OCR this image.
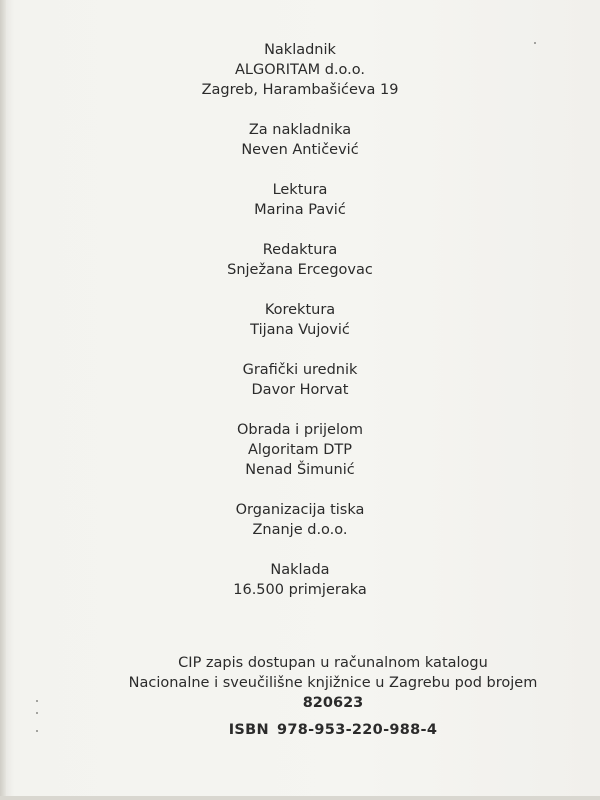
Nakladnik
ALGORITAM d.o.o.
Zagreb, Harambašićeva 19
Za nakladnika
Neven Antičević
Lektura
Marina Pavić
Redaktura
Snježana Ercegovac
Korektura
Tijana Vujović
Grafički urednik
Davor Horvat
Obrada i prijelom
Algoritam DTP
Nenad Šimunić
Organizacija tiska
Znanje d.o.o.
Naklada
16.500 primjeraka
CIP zapis dostupan u računalnom katalogu
Nacionalne i sveučilišne knjižnice u Zagrebu pod brojem
820623
ISBN 978-953-220-988-4
